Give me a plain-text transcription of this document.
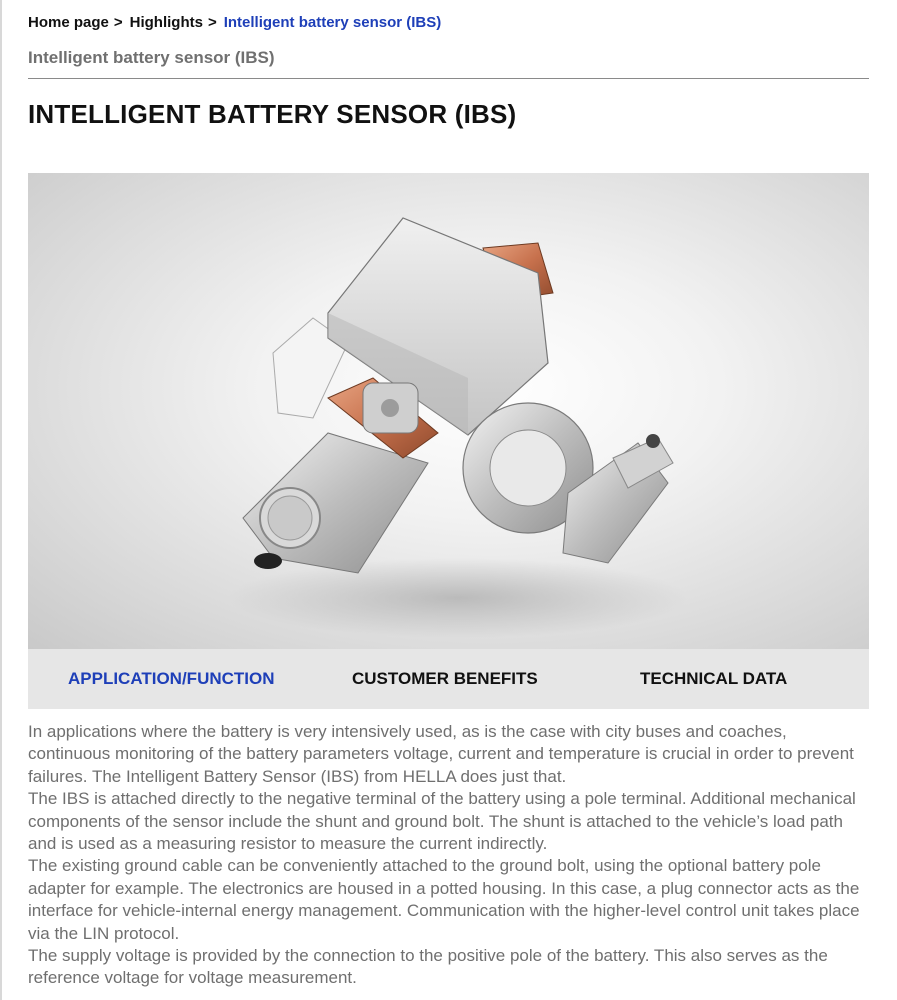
Home page > Highlights > Intelligent battery sensor (IBS)
Intelligent battery sensor (IBS)
INTELLIGENT BATTERY SENSOR (IBS)
APPLICATION/FUNCTION	CUSTOMER BENEFITS	TECHNICAL DATA

In applications where the battery is very intensively used, as is the case with city buses and coaches, continuous monitoring of the battery parameters voltage, current and temperature is crucial in order to prevent failures. The Intelligent Battery Sensor (IBS) from HELLA does just that.

The IBS is attached directly to the negative terminal of the battery using a pole terminal. Additional mechanical components of the sensor include the shunt and ground bolt. The shunt is attached to the vehicle’s load path and is used as a measuring resistor to measure the current indirectly.

The existing ground cable can be conveniently attached to the ground bolt, using the optional battery pole adapter for example. The electronics are housed in a potted housing. In this case, a plug connector acts as the interface for vehicle-internal energy management. Communication with the higher-level control unit takes place via the LIN protocol.

The supply voltage is provided by the connection to the positive pole of the battery. This also serves as the reference voltage for voltage measurement.
